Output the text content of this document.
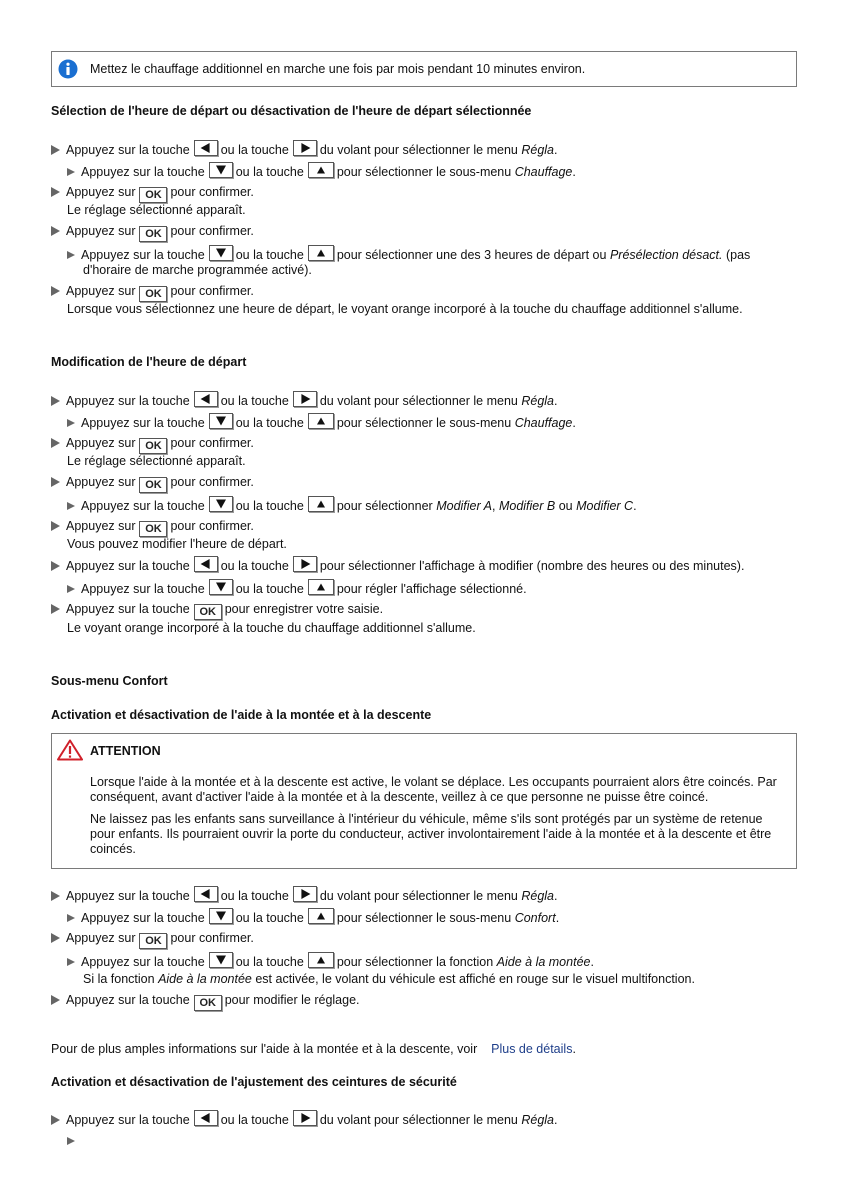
Mettez le chauffage additionnel en marche une fois par mois pendant 10 minutes environ.
Sélection de l'heure de départ ou désactivation de l'heure de départ sélectionnée
Appuyez sur la touche ou la touche du volant pour sélectionner le menu Régla.
Appuyez sur la touche ou la touche	pour sélectionner le sous-menu Chauffage.
Appuyez sur OK pour confirmer.
Le réglage sélectionné apparaît.
Appuyez sur OK pour confirmer.
Appuyez sur la touche ou la touche	pour sélectionner une des 3 heures de départ ou Présélection désact. (pas
d'horaire de marche programmée activé).
Appuyez sur OK pour confirmer.
Lorsque vous sélectionnez une heure de départ, le voyant orange incorporé à la touche du chauffage additionnel s'allume.
Modification de l'heure de départ
Appuyez sur la touche ou la touche du volant pour sélectionner le menu Régla.
Appuyez sur la touche ou la touche	pour sélectionner le sous-menu Chauffage.
Appuyez sur OK pour confirmer.
Le réglage sélectionné apparaît.
Appuyez sur OK pour confirmer.
Appuyez sur la touche ou la touche	pour sélectionner Modifier A, Modifier B ou Modifier C.
Appuyez sur OK pour confirmer.
Vous pouvez modifier l'heure de départ.
Appuyez sur la touche ou la touche pour sélectionner l'affichage à modifier (nombre des heures ou des minutes).
Appuyez sur la touche ou la touche	pour régler l'affichage sélectionné.
Appuyez sur la touche OK pour enregistrer votre saisie.
Le voyant orange incorporé à la touche du chauffage additionnel s'allume.
Sous-menu Confort
Activation et désactivation de l'aide à la montée et à la descente
ATTENTION
Lorsque l'aide à la montée et à la descente est active, le volant se déplace. Les occupants pourraient alors être coincés. Par conséquent, avant d'activer l'aide à la montée et à la descente, veillez à ce que personne ne puisse être coincé.
Ne laissez pas les enfants sans surveillance à l'intérieur du véhicule, même s'ils sont protégés par un système de retenue pour enfants. Ils pourraient ouvrir la porte du conducteur, activer involontairement l'aide à la montée et à la descente et être coincés.
Appuyez sur la touche ou la touche du volant pour sélectionner le menu Régla.
Appuyez sur la touche ou la touche	pour sélectionner le sous-menu Confort.
Appuyez sur OK pour confirmer.
Appuyez sur la touche ou la touche	pour sélectionner la fonction Aide à la montée.
Si la fonction Aide à la montée est activée, le volant du véhicule est affiché en rouge sur le visuel multifonction.
Appuyez sur la touche OK pour modifier le réglage.
Pour de plus amples informations sur l'aide à la montée et à la descente, voir Plus de détails.
Activation et désactivation de l'ajustement des ceintures de sécurité
Appuyez sur la touche ou la touche du volant pour sélectionner le menu Régla.
